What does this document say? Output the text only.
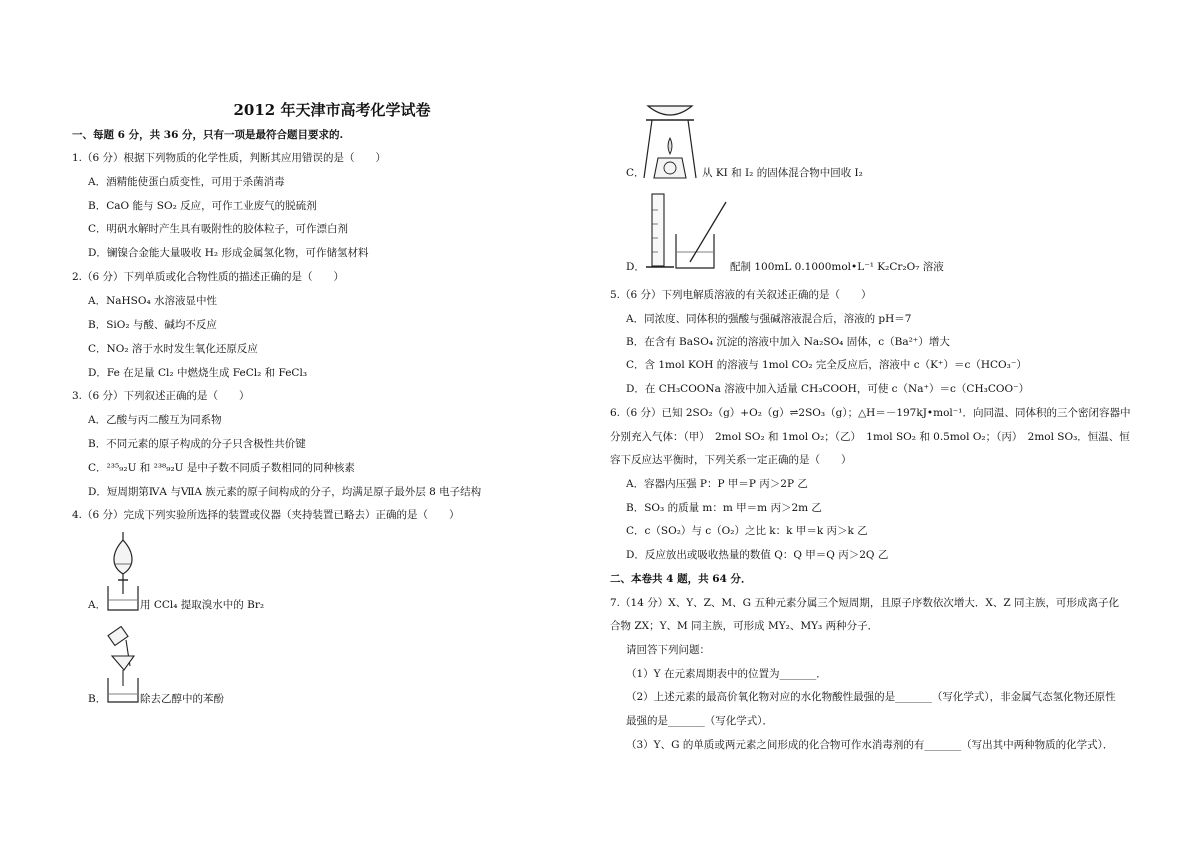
2012 年天津市高考化学试卷
一、每题 6 分，共 36 分，只有一项是最符合题目要求的.
1.（6 分）根据下列物质的化学性质，判断其应用错误的是（　　）
A．酒精能使蛋白质变性，可用于杀菌消毒
B．CaO 能与 SO₂ 反应，可作工业废气的脱硫剂
C．明矾水解时产生具有吸附性的胶体粒子，可作漂白剂
D．镧镍合金能大量吸收 H₂ 形成金属氢化物，可作储氢材料
2.（6 分）下列单质或化合物性质的描述正确的是（　　）
A．NaHSO₄ 水溶液显中性
B．SiO₂ 与酸、碱均不反应
C．NO₂ 溶于水时发生氧化还原反应
D．Fe 在足量 Cl₂ 中燃烧生成 FeCl₂ 和 FeCl₃
3.（6 分）下列叙述正确的是（　　）
A．乙酸与丙二酸互为同系物
B．不同元素的原子构成的分子只含极性共价键
C．²³⁵₉₂U 和 ²³⁸₉₂U 是中子数不同质子数相同的同种核素
D．短周期第ⅣA 与ⅦA 族元素的原子间构成的分子，均满足原子最外层 8 电子结构
4.（6 分）完成下列实验所选择的装置或仪器（夹持装置已略去）正确的是（　　）
A．	用 CCl₄ 提取溴水中的 Br₂
B．	除去乙醇中的苯酚
C．	从 KI 和 I₂ 的固体混合物中回收 I₂
D．	配制 100mL 0.1000mol•L⁻¹ K₂Cr₂O₇ 溶液
5.（6 分）下列电解质溶液的有关叙述正确的是（　　）
A．同浓度、同体积的强酸与强碱溶液混合后，溶液的 pH＝7
B．在含有 BaSO₄ 沉淀的溶液中加入 Na₂SO₄ 固体，c（Ba²⁺）增大
C．含 1mol KOH 的溶液与 1mol CO₂ 完全反应后，溶液中 c（K⁺）＝c（HCO₃⁻）
D．在 CH₃COONa 溶液中加入适量 CH₃COOH，可使 c（Na⁺）＝c（CH₃COO⁻）
6.（6 分）已知 2SO₂（g）+O₂（g）⇌2SO₃（g）；△H＝－197kJ•mol⁻¹．向同温、同体积的三个密闭容器中
分别充入气体：（甲）　2mol SO₂ 和 1mol O₂；（乙）　1mol SO₂ 和 0.5mol O₂；（丙）　2mol SO₃．恒温、恒
容下反应达平衡时，下列关系一定正确的是（　　）
A．容器内压强 P：P 甲＝P 丙＞2P 乙
B．SO₃ 的质量 m：m 甲＝m 丙＞2m 乙
C．c（SO₂）与 c（O₂）之比 k：k 甲＝k 丙＞k 乙
D．反应放出或吸收热量的数值 Q：Q 甲＝Q 丙＞2Q 乙
二、本卷共 4 题，共 64 分．
7.（14 分）X、Y、Z、M、G 五种元素分属三个短周期，且原子序数依次增大．X、Z 同主族，可形成离子化
合物 ZX；Y、M 同主族，可形成 MY₂、MY₃ 两种分子．
请回答下列问题：
（1）Y 在元素周期表中的位置为_______．
（2）上述元素的最高价氧化物对应的水化物酸性最强的是_______（写化学式），非金属气态氢化物还原性
最强的是_______（写化学式）．
（3）Y、G 的单质或两元素之间形成的化合物可作水消毒剂的有_______（写出其中两种物质的化学式）．
